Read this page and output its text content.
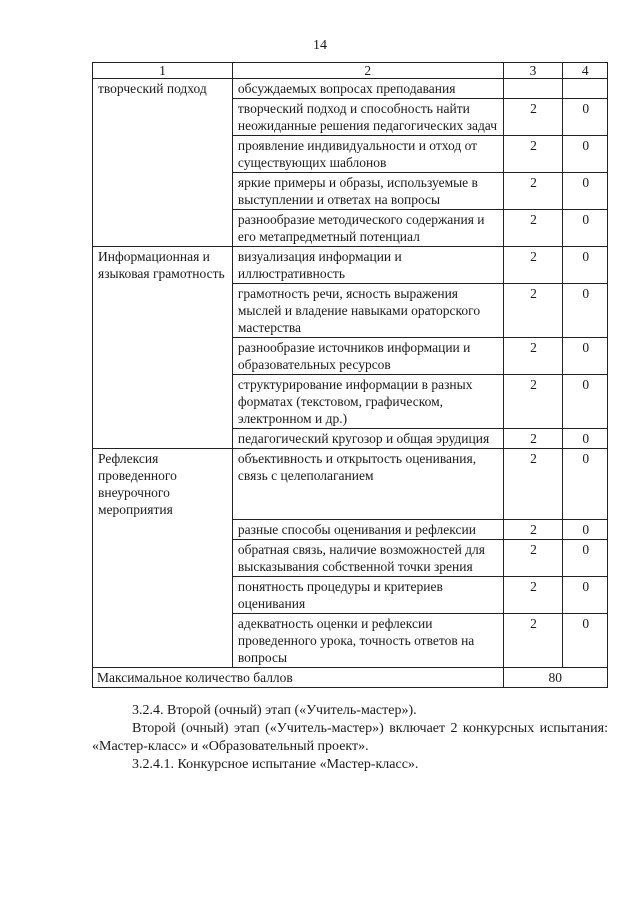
14
1	2	3	4
творческий подход	обсуждаемых вопросах преподавания		
	творческий подход и способность найти неожиданные решения педагогических задач	2	0
	проявление индивидуальности и отход от существующих шаблонов	2	0
	яркие примеры и образы, используемые в выступлении и ответах на вопросы	2	0
	разнообразие методического содержания и его метапредметный потенциал	2	0
Информационная и языковая грамотность	визуализация информации и иллюстративность	2	0
	грамотность речи, ясность выражения мыслей и владение навыками ораторского мастерства	2	0
	разнообразие источников информации и образовательных ресурсов	2	0
	структурирование информации в разных форматах (текстовом, графическом, электронном и др.)	2	0
	педагогический кругозор и общая эрудиция	2	0
Рефлексия проведенного внеурочного мероприятия	объективность и открытость оценивания, связь с целеполаганием	2	0
	разные способы оценивания и рефлексии	2	0
	обратная связь, наличие возможностей для высказывания собственной точки зрения	2	0
	понятность процедуры и критериев оценивания	2	0
	адекватность оценки и рефлексии проведенного урока, точность ответов на вопросы	2	0
Максимальное количество баллов		80	
3.2.4. Второй (очный) этап («Учитель-мастер»).
Второй (очный) этап («Учитель-мастер») включает 2 конкурсных испытания: «Мастер-класс» и «Образовательный проект».
3.2.4.1. Конкурсное испытание «Мастер-класс».
